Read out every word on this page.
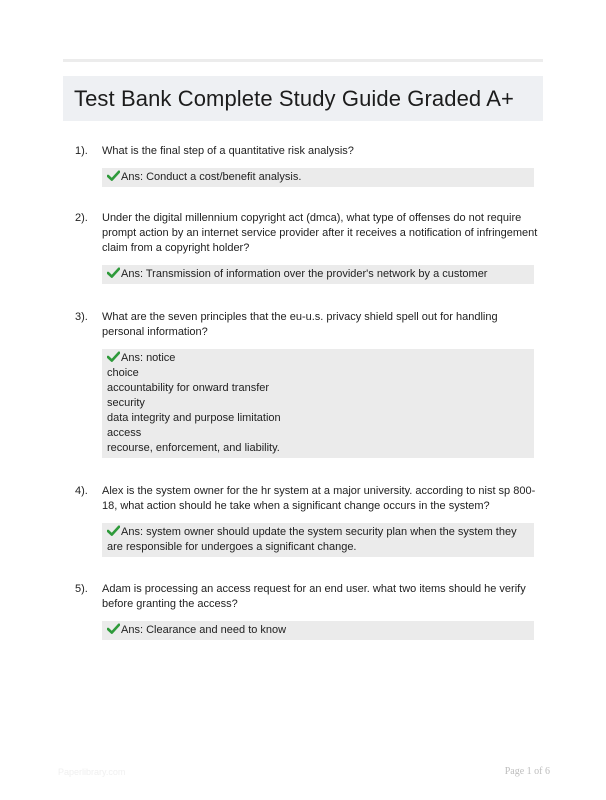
Test Bank Complete Study Guide Graded A+
1).	What is the final step of a quantitative risk analysis?
Ans: Conduct a cost/benefit analysis.
2).	Under the digital millennium copyright act (dmca), what type of offenses do not require prompt action by an internet service provider after it receives a notification of infringement claim from a copyright holder?
Ans: Transmission of information over the provider's network by a customer
3).	What are the seven principles that the eu-u.s. privacy shield spell out for handling personal information?
Ans: notice
choice
accountability for onward transfer
security
data integrity and purpose limitation
access
recourse, enforcement, and liability.
4).	Alex is the system owner for the hr system at a major university. according to nist sp 800-18, what action should he take when a significant change occurs in the system?
Ans: system owner should update the system security plan when the system they are responsible for undergoes a significant change.
5).	Adam is processing an access request for an end user. what two items should he verify before granting the access?
Ans: Clearance and need to know
Paperlibrary.com	Page 1 of 6
